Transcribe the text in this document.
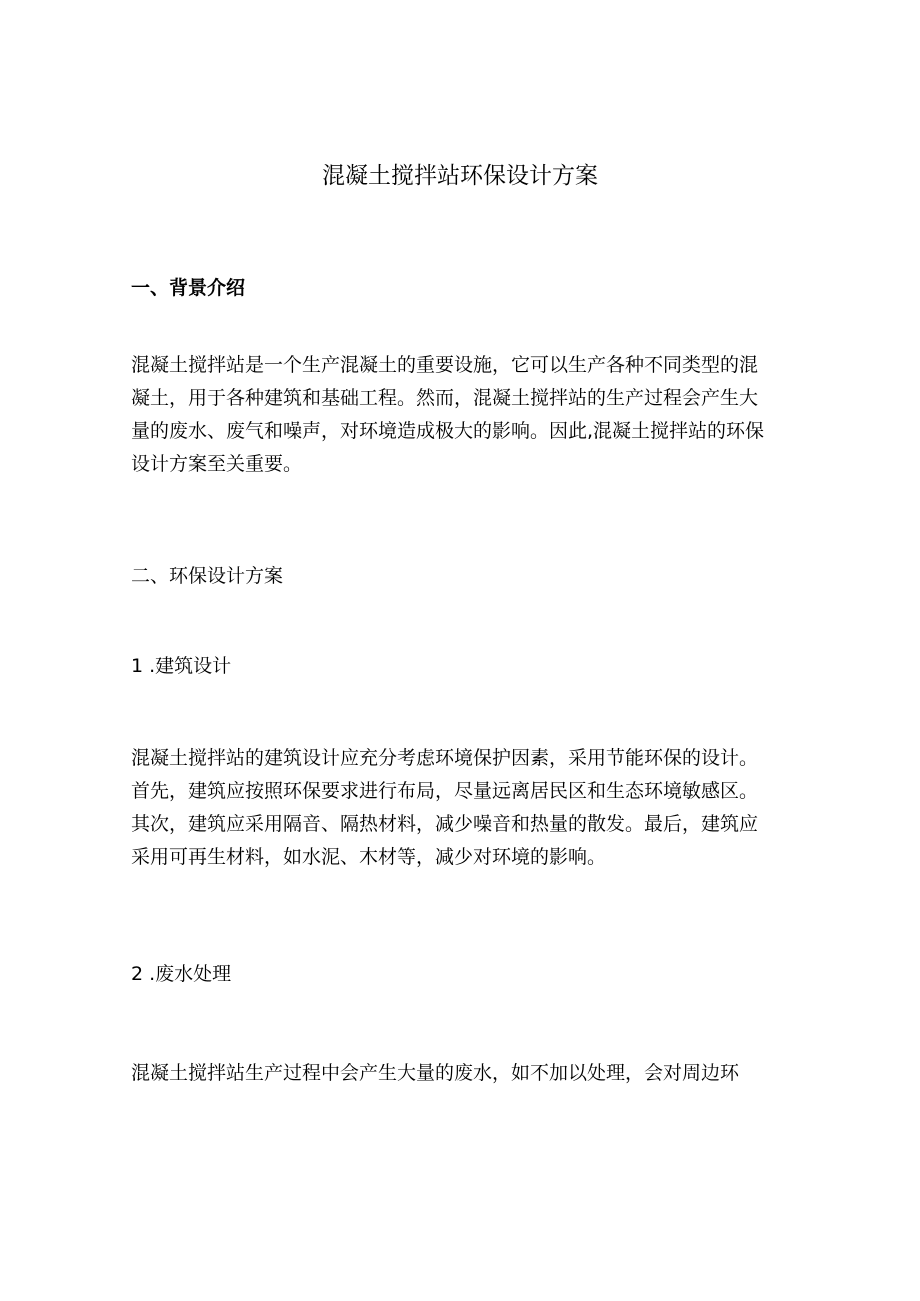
混凝土搅拌站环保设计方案
一、背景介绍
混凝土搅拌站是一个生产混凝土的重要设施，它可以生产各种不同类型的混
凝土，用于各种建筑和基础工程。然而，混凝土搅拌站的生产过程会产生大
量的废水、废气和噪声，对环境造成极大的影响。因此,混凝土搅拌站的环保
设计方案至关重要。
二、环保设计方案
1 .建筑设计
混凝土搅拌站的建筑设计应充分考虑环境保护因素，采用节能环保的设计。
首先，建筑应按照环保要求进行布局，尽量远离居民区和生态环境敏感区。
其次，建筑应采用隔音、隔热材料，减少噪音和热量的散发。最后，建筑应
采用可再生材料，如水泥、木材等，减少对环境的影响。
2 .废水处理
混凝土搅拌站生产过程中会产生大量的废水，如不加以处理，会对周边环
